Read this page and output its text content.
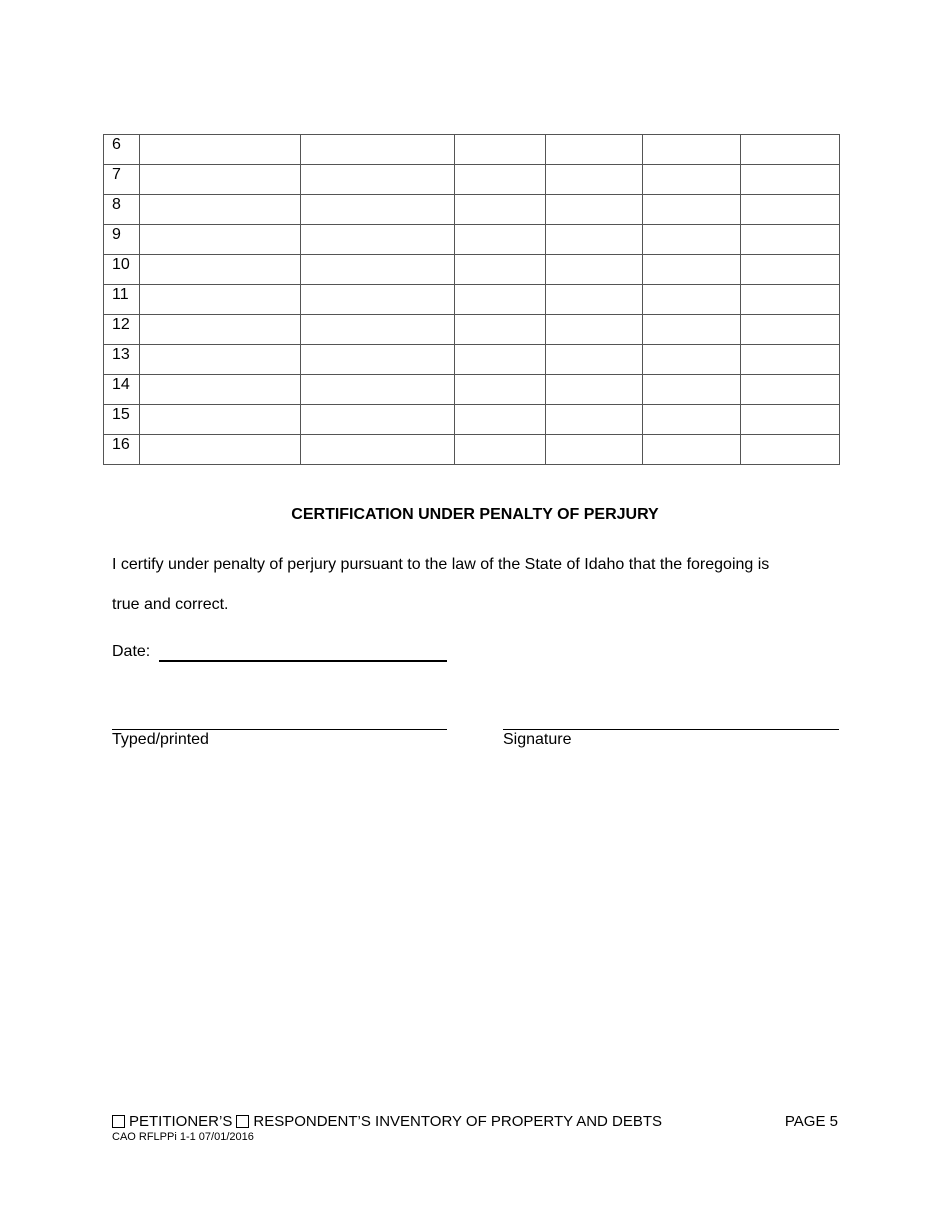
6						
7						
8						
9						
10						
11						
12						
13						
14						
15						
16						
CERTIFICATION UNDER PENALTY OF PERJURY
I certify under penalty of perjury pursuant to the law of the State of Idaho that the foregoing is
true and correct.
Date:
Typed/printed	Signature
PETITIONER’S RESPONDENT’S INVENTORY OF PROPERTY AND DEBTS	PAGE 5
CAO RFLPPi 1-1 07/01/2016
